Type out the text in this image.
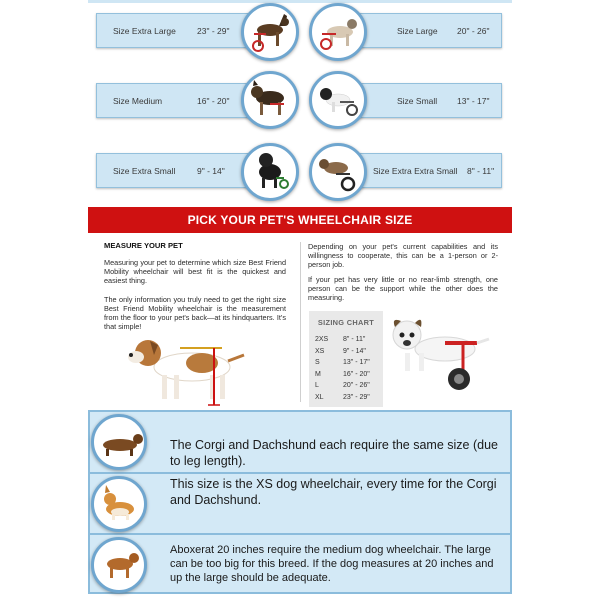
Size Extra Large 23" - 29"	Size Large 20" - 26"
Size Medium	16" - 20"	Size Small 13" - 17"
Size Extra Small	9" - 14"	Size Extra Extra Small 8" - 11"
PICK YOUR PET'S WHEELCHAIR SIZE
MEASURE YOUR PET
Measuring your pet to determine which size Best Friend Mobility wheelchair will best fit is the quickest and easiest thing.
The only information you truly need to get the right size Best Friend Mobility wheelchair is the measurement from the floor to your pet's back—at its hindquarters. It's that simple!
Depending on your pet's current capabilities and its willingness to cooperate, this can be a 1-person or 2-person job.
If your pet has very little or no rear-limb strength, one person can be the support while the other does the measuring.
SIZING CHART
2XS 8" - 11"
XS	9" - 14"
S	13" - 17"
M	16" - 20"
L	20" - 26"
XL	23" - 29"
The Corgi and Dachshund each require the same size (due to leg length).
This size is the XS dog wheelchair, every time for the Corgi and Dachshund.
Aboxerat 20 inches require the medium dog wheelchair. The large can be too big for this breed. If the dog measures at 20 inches and up the large should be adequate.
